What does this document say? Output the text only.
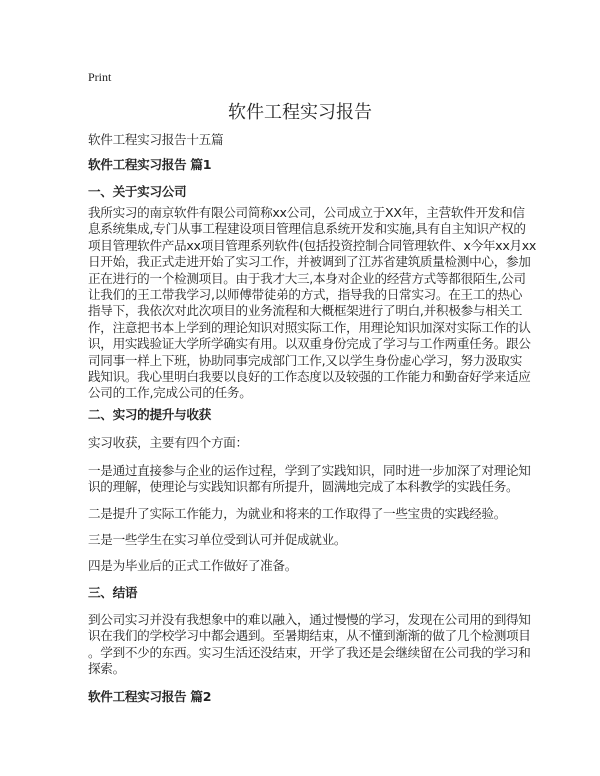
Print
软件工程实习报告
软件工程实习报告十五篇
软件工程实习报告 篇1
一、关于实习公司
我所实习的南京软件有限公司简称xx公司，公司成立于XX年，主营软件开发和信
息系统集成,专门从事工程建设项目管理信息系统开发和实施,具有自主知识产权的
项目管理软件产品xx项目管理系列软件(包括投资控制合同管理软件、x今年xx月xx
日开始，我正式走进开始了实习工作，并被调到了江苏省建筑质量检测中心，参加
正在进行的一个检测项目。由于我才大三,本身对企业的经营方式等都很陌生,公司
让我们的王工带我学习,以师傅带徒弟的方式，指导我的日常实习。在王工的热心
指导下，我依次对此次项目的业务流程和大概框架进行了明白,并积极参与相关工
作，注意把书本上学到的理论知识对照实际工作，用理论知识加深对实际工作的认
识，用实践验证大学所学确实有用。以双重身份完成了学习与工作两重任务。跟公
司同事一样上下班，协助同事完成部门工作,又以学生身份虚心学习，努力汲取实
践知识。我心里明白我要以良好的工作态度以及较强的工作能力和勤奋好学来适应
公司的工作,完成公司的任务。
二、实习的提升与收获
实习收获，主要有四个方面：
一是通过直接参与企业的运作过程，学到了实践知识，同时进一步加深了对理论知
识的理解，使理论与实践知识都有所提升，圆满地完成了本科教学的实践任务。
二是提升了实际工作能力，为就业和将来的工作取得了一些宝贵的实践经验。
三是一些学生在实习单位受到认可并促成就业。
四是为毕业后的正式工作做好了准备。
三、结语
到公司实习并没有我想象中的难以融入，通过慢慢的学习，发现在公司用的到得知
识在我们的学校学习中都会遇到。至暑期结束，从不懂到渐渐的做了几个检测项目
。学到不少的东西。实习生活还没结束，开学了我还是会继续留在公司我的学习和
探索。
软件工程实习报告 篇2
